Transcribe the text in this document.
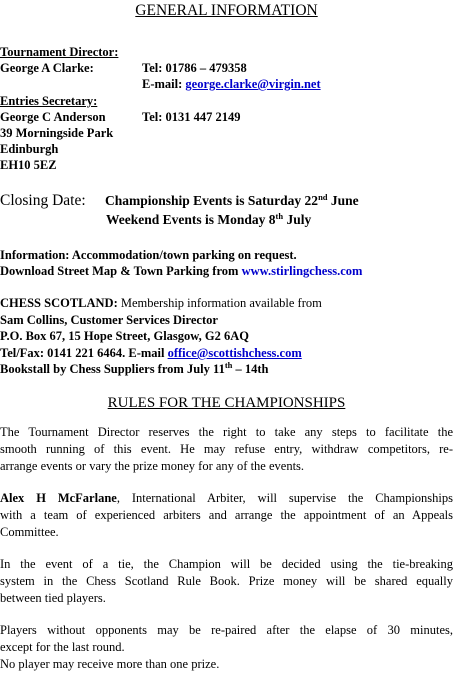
GENERAL INFORMATION
Tournament Director:
George A Clarke:	Tel: 01786 – 479358
E-mail: george.clarke@virgin.net
Entries Secretary:
George C Anderson	Tel: 0131 447 2149
39 Morningside Park
Edinburgh
EH10 5EZ
Closing Date: Championship Events is Saturday 22nd June
Weekend Events is Monday 8th July
Information: Accommodation/town parking on request.
Download Street Map & Town Parking from www.stirlingchess.com
CHESS SCOTLAND: Membership information available from
Sam Collins, Customer Services Director
P.O. Box 67, 15 Hope Street, Glasgow, G2 6AQ
Tel/Fax: 0141 221 6464. E-mail office@scottishchess.com
Bookstall by Chess Suppliers from July 11th – 14th
RULES FOR THE CHAMPIONSHIPS
The Tournament Director reserves the right to take any steps to facilitate the
smooth running of this event. He may refuse entry, withdraw competitors, re-
arrange events or vary the prize money for any of the events.
Alex H McFarlane, International Arbiter, will supervise the Championships
with a team of experienced arbiters and arrange the appointment of an Appeals
Committee.
In the event of a tie, the Champion will be decided using the tie-breaking
system in the Chess Scotland Rule Book. Prize money will be shared equally
between tied players.
Players without opponents may be re-paired after the elapse of 30 minutes,
except for the last round.
No player may receive more than one prize.
